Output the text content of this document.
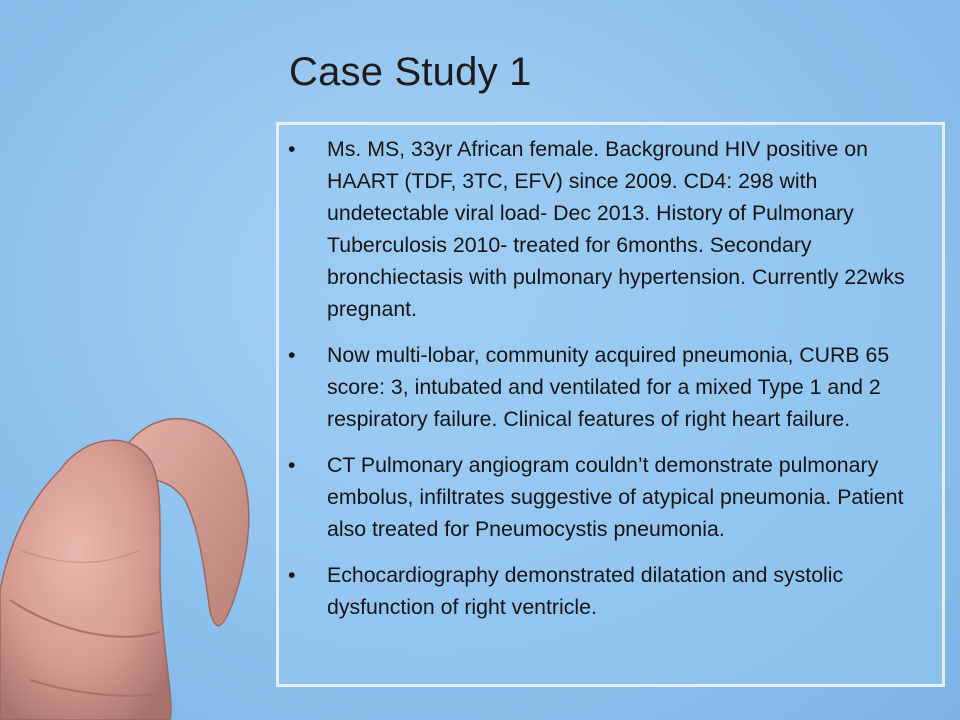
Case Study 1
• Ms. MS, 33yr African female. Background HIV positive on HAART (TDF, 3TC, EFV) since 2009. CD4: 298 with undetectable viral load- Dec 2013. History of Pulmonary Tuberculosis 2010- treated for 6months. Secondary bronchiectasis with pulmonary hypertension. Currently 22wks pregnant.
• Now multi-lobar, community acquired pneumonia, CURB 65 score: 3, intubated and ventilated for a mixed Type 1 and 2 respiratory failure. Clinical features of right heart failure.
• CT Pulmonary angiogram couldn’t demonstrate pulmonary embolus, infiltrates suggestive of atypical pneumonia. Patient also treated for Pneumocystis pneumonia.
• Echocardiography demonstrated dilatation and systolic dysfunction of right ventricle.
